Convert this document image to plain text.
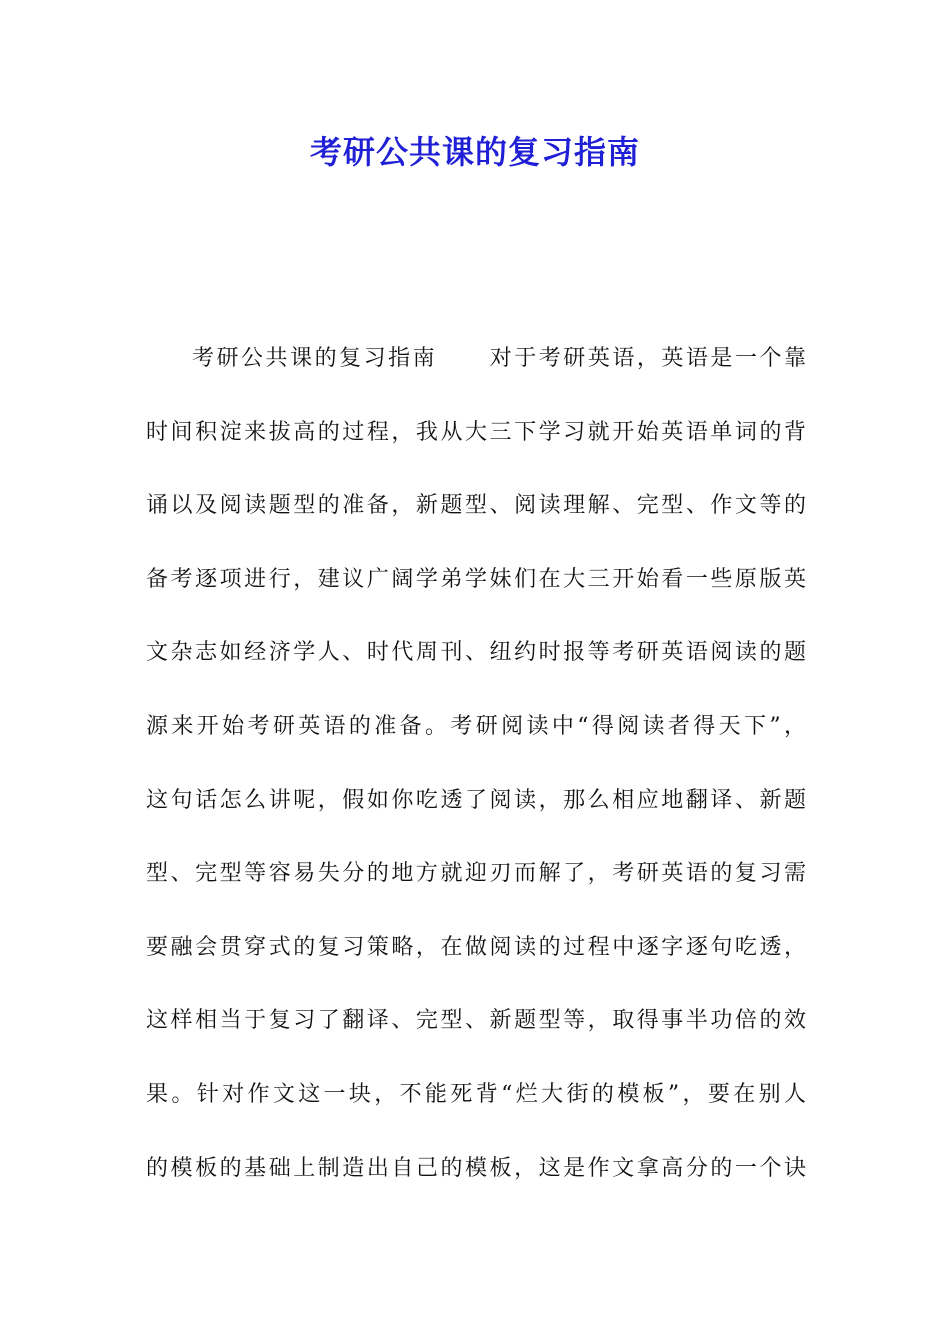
考研公共课的复习指南
考研公共课的复习指南 对于考研英语，英语是一个靠
时间积淀来拔高的过程，我从大三下学习就开始英语单词的背
诵以及阅读题型的准备，新题型、阅读理解、完型、作文等的
备考逐项进行，建议广阔学弟学妹们在大三开始看一些原版英
文杂志如经济学人、时代周刊、纽约时报等考研英语阅读的题
源来开始考研英语的准备。考研阅读中“得阅读者得天下”，
这句话怎么讲呢，假如你吃透了阅读，那么相应地翻译、新题
型、完型等容易失分的地方就迎刃而解了，考研英语的复习需
要融会贯穿式的复习策略，在做阅读的过程中逐字逐句吃透，
这样相当于复习了翻译、完型、新题型等，取得事半功倍的效
果。针对作文这一块，不能死背“烂大街的模板”，要在别人
的模板的基础上制造出自己的模板，这是作文拿高分的一个诀
